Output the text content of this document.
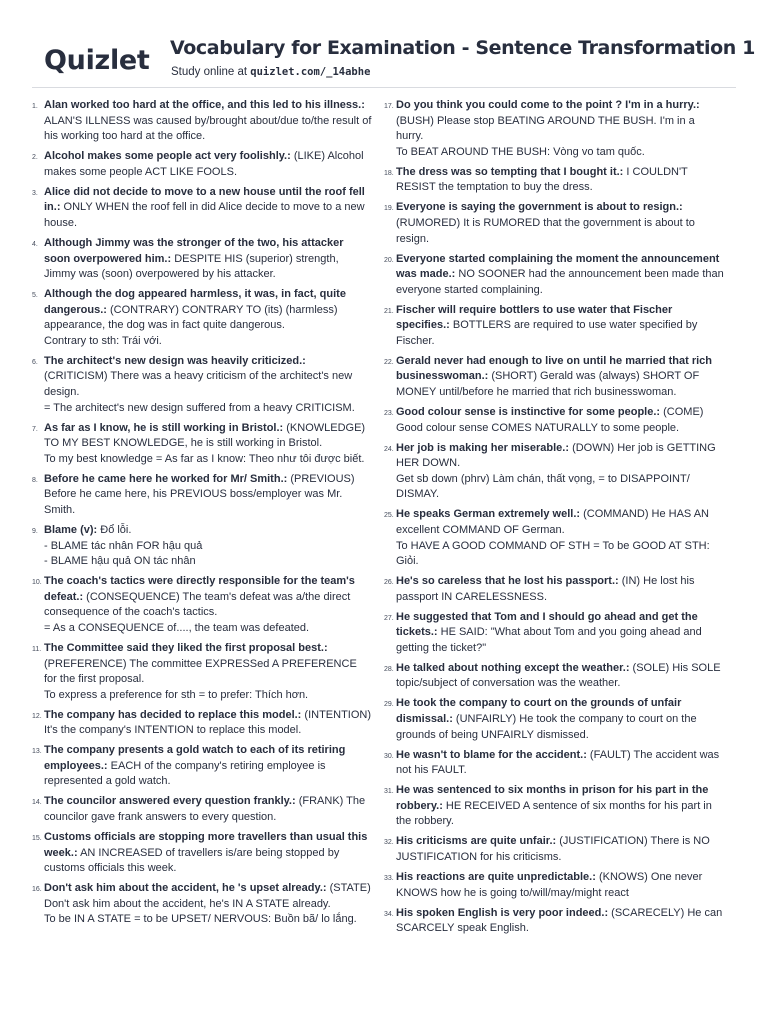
Quizlet Vocabulary for Examination - Sentence Transformation 1
Study online at quizlet.com/_14abhe
1. Alan worked too hard at the office, and this led to his illness.: ALAN'S ILLNESS was caused by/brought about/due to/the result of his working too hard at the office.
2. Alcohol makes some people act very foolishly.: (LIKE) Alcohol makes some people ACT LIKE FOOLS.
3. Alice did not decide to move to a new house until the roof fell in.: ONLY WHEN the roof fell in did Alice decide to move to a new house.
4. Although Jimmy was the stronger of the two, his attacker soon overpowered him.: DESPITE HIS (superior) strength, Jimmy was (soon) overpowered by his attacker.
5. Although the dog appeared harmless, it was, in fact, quite dangerous.: (CONTRARY) CONTRARY TO (its) (harmless) appearance, the dog was in fact quite dangerous.
Contrary to sth: Trái với.
6. The architect's new design was heavily criticized.: (CRITICISM) There was a heavy criticism of the architect's new design.
= The architect's new design suffered from a heavy CRITICISM.
7. As far as I know, he is still working in Bristol.: (KNOWLEDGE) TO MY BEST KNOWLEDGE, he is still working in Bristol.
To my best knowledge = As far as I know: Theo như tôi được biết.
8. Before he came here he worked for Mr/ Smith.: (PREVIOUS) Before he came here, his PREVIOUS boss/employer was Mr. Smith.
9. Blame (v): Đổ lỗi.
- BLAME tác nhân FOR hậu quả
- BLAME hậu quả ON tác nhân
10. The coach's tactics were directly responsible for the team's defeat.: (CONSEQUENCE) The team's defeat was a/the direct consequence of the coach's tactics.
= As a CONSEQUENCE of...., the team was defeated.
11. The Committee said they liked the first proposal best.: (PREFERENCE) The committee EXPRESSed A PREFERENCE for the first proposal.
To express a preference for sth = to prefer: Thích hơn.
12. The company has decided to replace this model.: (INTENTION) It's the company's INTENTION to replace this model.
13. The company presents a gold watch to each of its retiring employees.: EACH of the company's retiring employee is represented a gold watch.
14. The councilor answered every question frankly.: (FRANK) The councilor gave frank answers to every question.
15. Customs officials are stopping more travellers than usual this week.: AN INCREASED of travellers is/are being stopped by customs officials this week.
16. Don't ask him about the accident, he 's upset already.: (STATE) Don't ask him about the accident, he's IN A STATE already.
To be IN A STATE = to be UPSET/ NERVOUS: Buồn bã/ lo lắng.
17. Do you think you could come to the point ? I'm in a hurry.: (BUSH) Please stop BEATING AROUND THE BUSH. I'm in a hurry.
To BEAT AROUND THE BUSH: Vòng vo tam quốc.
18. The dress was so tempting that I bought it.: I COULDN'T RESIST the temptation to buy the dress.
19. Everyone is saying the government is about to resign.: (RUMORED) It is RUMORED that the government is about to resign.
20. Everyone started complaining the moment the announcement was made.: NO SOONER had the announcement been made than everyone started complaining.
21. Fischer will require bottlers to use water that Fischer specifies.: BOTTLERS are required to use water specified by Fischer.
22. Gerald never had enough to live on until he married that rich businesswoman.: (SHORT) Gerald was (always) SHORT OF MONEY until/before he married that rich businesswoman.
23. Good colour sense is instinctive for some people.: (COME) Good colour sense COMES NATURALLY to some people.
24. Her job is making her miserable.: (DOWN) Her job is GETTING HER DOWN.
Get sb down (phrv) Làm chán, thất vọng, = to DISAPPOINT/ DISMAY.
25. He speaks German extremely well.: (COMMAND) He HAS AN excellent COMMAND OF German.
To HAVE A GOOD COMMAND OF STH = To be GOOD AT STH: Giỏi.
26. He's so careless that he lost his passport.: (IN) He lost his passport IN CARELESSNESS.
27. He suggested that Tom and I should go ahead and get the tickets.: HE SAID: "What about Tom and you going ahead and getting the ticket?"
28. He talked about nothing except the weather.: (SOLE) His SOLE topic/subject of conversation was the weather.
29. He took the company to court on the grounds of unfair dismissal.: (UNFAIRLY) He took the company to court on the grounds of being UNFAIRLY dismissed.
30. He wasn't to blame for the accident.: (FAULT) The accident was not his FAULT.
31. He was sentenced to six months in prison for his part in the robbery.: HE RECEIVED A sentence of six months for his part in the robbery.
32. His criticisms are quite unfair.: (JUSTIFICATION) There is NO JUSTIFICATION for his criticisms.
33. His reactions are quite unpredictable.: (KNOWS) One never KNOWS how he is going to/will/may/might react
34. His spoken English is very poor indeed.: (SCARECELY) He can SCARCELY speak English.
